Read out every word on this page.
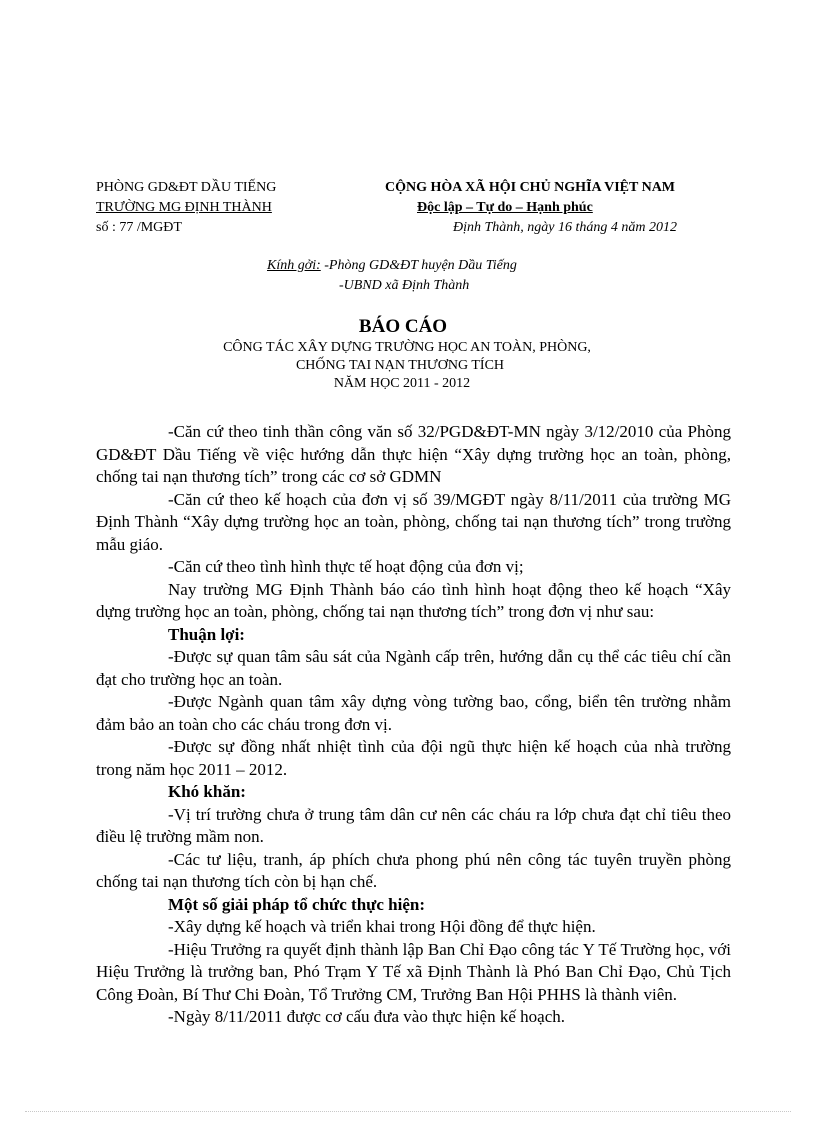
PHÒNG GD&ĐT DẦU TIẾNG
TRƯỜNG MG ĐỊNH THÀNH
số : 77 /MGĐT
CỘNG HÒA XÃ HỘI CHỦ NGHĨA VIỆT NAM
Độc lập – Tự do – Hạnh phúc
Định Thành, ngày 16 tháng 4 năm 2012
Kính gởi: -Phòng GD&ĐT huyện Dầu Tiếng
-UBND xã Định Thành
BÁO CÁO
CÔNG TÁC XÂY DỰNG TRƯỜNG HỌC AN TOÀN, PHÒNG,
CHỐNG TAI NẠN THƯƠNG TÍCH
NĂM HỌC 2011 - 2012

-Căn cứ theo tinh thần công văn số 32/PGD&ĐT-MN ngày 3/12/2010 của Phòng GD&ĐT Dầu Tiếng về việc hướng dẫn thực hiện “Xây dựng trường học an toàn, phòng, chống tai nạn thương tích” trong các cơ sở GDMN

-Căn cứ theo kế hoạch của đơn vị số 39/MGĐT ngày 8/11/2011 của trường MG Định Thành “Xây dựng trường học an toàn, phòng, chống tai nạn thương tích” trong trường mẫu giáo.

-Căn cứ theo tình hình thực tế hoạt động của đơn vị;

Nay trường MG Định Thành báo cáo tình hình hoạt động theo kế hoạch “Xây dựng trường học an toàn, phòng, chống tai nạn thương tích” trong đơn vị như sau:

Thuận lợi:

-Được sự quan tâm sâu sát của Ngành cấp trên, hướng dẫn cụ thể các tiêu chí cần đạt cho trường học an toàn.

-Được Ngành quan tâm xây dựng vòng tường bao, cổng, biển tên trường nhằm đảm bảo an toàn cho các cháu trong đơn vị.

-Được sự đồng nhất nhiệt tình của đội ngũ thực hiện kế hoạch của nhà trường trong năm học 2011 – 2012.

Khó khăn:

-Vị trí trường chưa ở trung tâm dân cư nên các cháu ra lớp chưa đạt chỉ tiêu theo điều lệ trường mầm non.

-Các tư liệu, tranh, áp phích chưa phong phú nên công tác tuyên truyền phòng chống tai nạn thương tích còn bị hạn chế.

Một số giải pháp tổ chức thực hiện:

-Xây dựng kế hoạch và triển khai trong Hội đồng để thực hiện.

-Hiệu Trưởng ra quyết định thành lập Ban Chỉ Đạo công tác Y Tế Trường học, với Hiệu Trưởng là trưởng ban, Phó Trạm Y Tế xã Định Thành là Phó Ban Chỉ Đạo, Chủ Tịch Công Đoàn, Bí Thư Chi Đoàn, Tổ Trưởng CM, Trưởng Ban Hội PHHS là thành viên.

-Ngày 8/11/2011 được cơ cấu đưa vào thực hiện kế hoạch.
